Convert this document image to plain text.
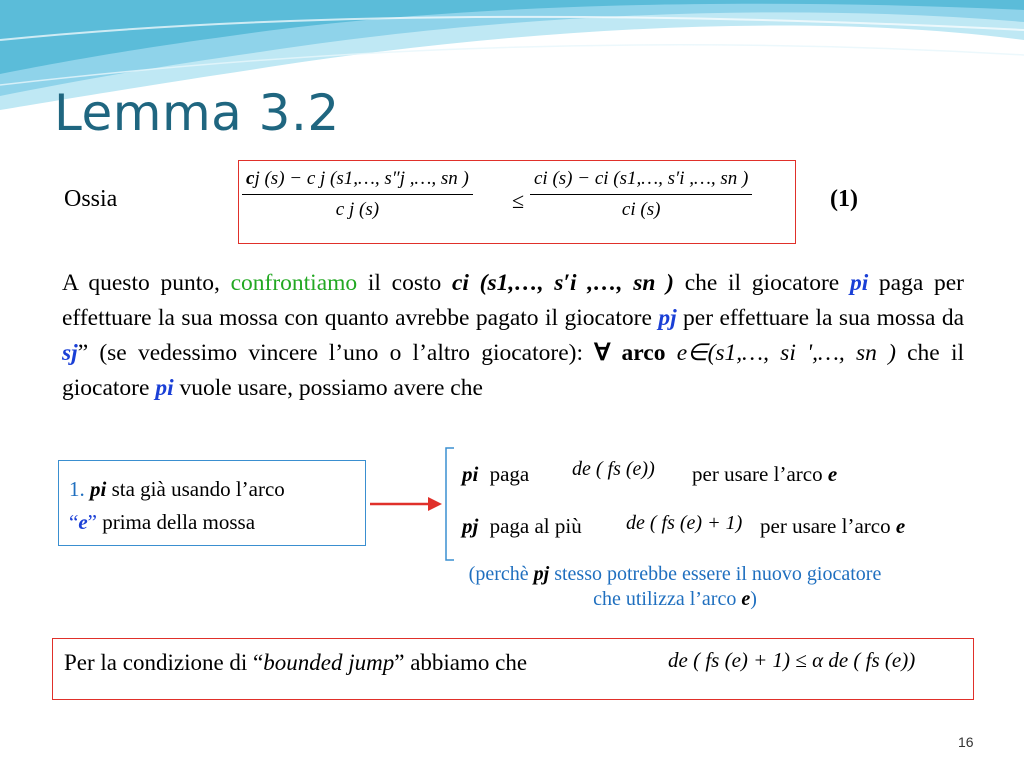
Lemma 3.2
Ossia	$\frac{\text{cj (s) − c j (s1,…, s″j ,…, sn )}}{\text{c j (s)}} \le \frac{ci (s) - ci (s1,\dots, s'i ,\dots, sn )}{ci (s)}$	(1)
A questo punto, confrontiamo il costo ci (s1,…, s′i ,…, sn ) che il giocatore pi paga per effettuare la sua mossa con quanto avrebbe pagato il giocatore pj per effettuare la sua mossa da sj” (se vedessimo vincere l’uno o l’altro giocatore): ∀ arco e∈(s1,…, si ',…, sn ) che il giocatore pi vuole usare, possiamo avere che
1. pi sta già usando l’arco
“e” prima della mossa
pi paga de ( fs (e)) per usare l’arco e
pj paga al più de ( fs (e) + 1) per usare l’arco e
(perchè pj stesso potrebbe essere il nuovo giocatore che utilizza l’arco e)
Per la condizione di “bounded jump” abbiamo che	de ( fs (e) + 1) ≤ α de ( fs (e))
16
